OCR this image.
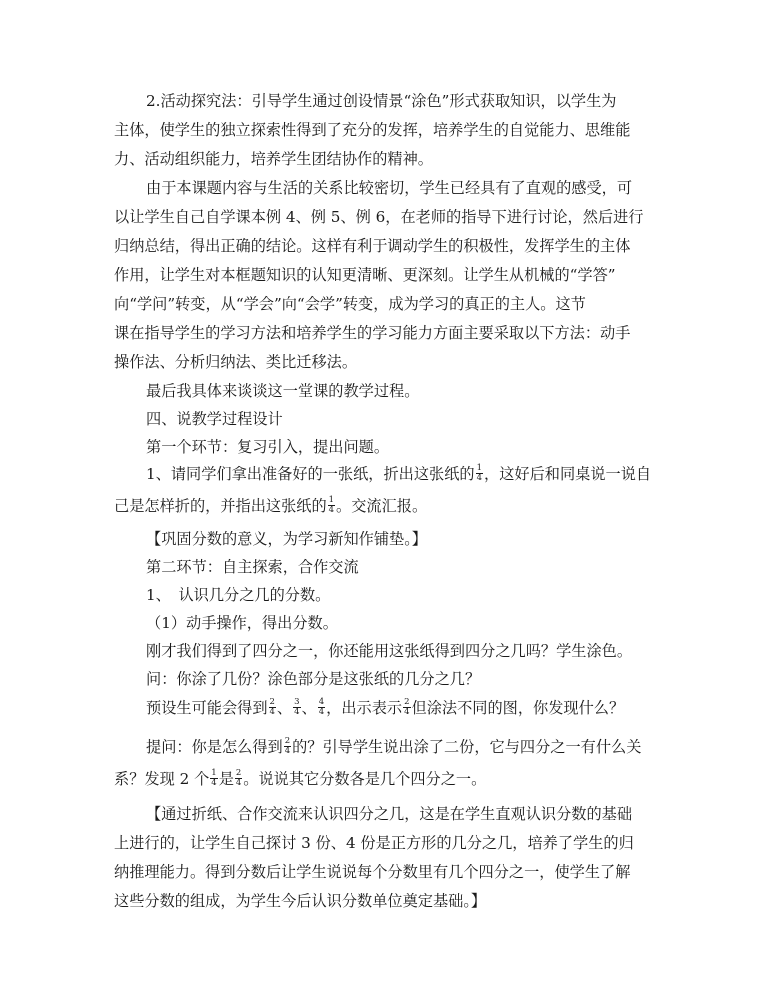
2.活动探究法：引导学生通过创设情景“涂色”形式获取知识，以学生为
主体，使学生的独立探索性得到了充分的发挥，培养学生的自觉能力、思维能
力、活动组织能力，培养学生团结协作的精神。
由于本课题内容与生活的关系比较密切，学生已经具有了直观的感受，可
以让学生自己自学课本例 4、例 5、例 6，在老师的指导下进行讨论，然后进行
归纳总结，得出正确的结论。这样有利于调动学生的积极性，发挥学生的主体
作用，让学生对本框题知识的认知更清晰、更深刻。让学生从机械的“学答”
向“学问”转变，从“学会”向“会学”转变，成为学习的真正的主人。这节
课在指导学生的学习方法和培养学生的学习能力方面主要采取以下方法：动手
操作法、分析归纳法、类比迁移法。
最后我具体来谈谈这一堂课的教学过程。
四、说教学过程设计
第一个环节：复习引入，提出问题。
1、请同学们拿出准备好的一张纸，折出这张纸的 $\frac{1}{4}$ ，这好后和同桌说一说自
己是怎样折的，并指出这张纸的 $\frac{1}{4}$ 。交流汇报。
【巩固分数的意义，为学习新知作铺垫。】
第二环节：自主探索，合作交流
1、　认识几分之几的分数。
（1）动手操作，得出分数。
刚才我们得到了四分之一，你还能用这张纸得到四分之几吗？学生涂色。
问：你涂了几份？涂色部分是这张纸的几分之几？
预设生可能会得到 $\frac{2}{4}$ 、 $\frac{3}{4}$ 、 $\frac{4}{4}$ ，出示表示 $\frac{2}{4}$ 但涂法不同的图，你发现什么？
提问：你是怎么得到 $\frac{2}{4}$ 的？引导学生说出涂了二份，它与四分之一有什么关
系？发现 2 个 $\frac{1}{4}$ 是 $\frac{2}{4}$ 。说说其它分数各是几个四分之一。
【通过折纸、合作交流来认识四分之几，这是在学生直观认识分数的基础
上进行的，让学生自己探讨 3 份、4 份是正方形的几分之几，培养了学生的归
纳推理能力。得到分数后让学生说说每个分数里有几个四分之一，使学生了解
这些分数的组成，为学生今后认识分数单位奠定基础。】
